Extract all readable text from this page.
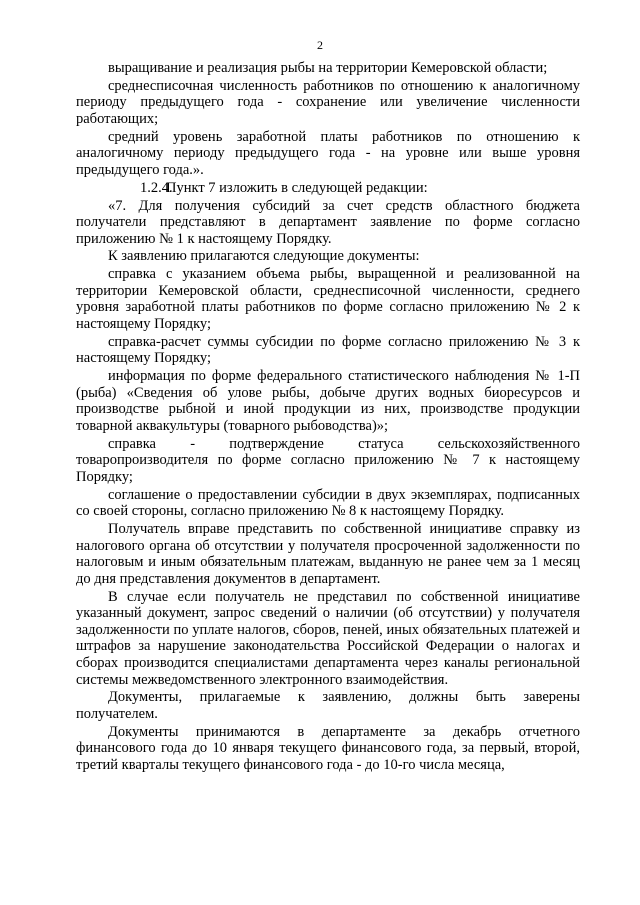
2

выращивание и реализация рыбы на территории Кемеровской области;

среднесписочная численность работников по отношению к аналогичному периоду предыдущего года - сохранение или увеличение численности работающих;

средний уровень заработной платы работников по отношению к аналогичному периоду предыдущего года - на уровне или выше уровня предыдущего года.».

1.2.4.Пункт 7 изложить в следующей редакции:

«7. Для получения субсидий за счет средств областного бюджета получатели представляют в департамент заявление по форме согласно приложению № 1 к настоящему Порядку.

К заявлению прилагаются следующие документы:

справка с указанием объема рыбы, выращенной и реализованной на территории Кемеровской области, среднесписочной численности, среднего уровня заработной платы работников по форме согласно приложению № 2 к настоящему Порядку;

справка-расчет суммы субсидии по форме согласно приложению № 3 к настоящему Порядку;

информация по форме федерального статистического наблюдения № 1-П (рыба) «Сведения об улове рыбы, добыче других водных биоресурсов и производстве рыбной и иной продукции из них, производстве продукции товарной аквакультуры (товарного рыбоводства)»;

справка - подтверждение статуса сельскохозяйственного товаропроизводителя по форме согласно приложению № 7 к настоящему Порядку;

соглашение о предоставлении субсидии в двух экземплярах, подписанных со своей стороны, согласно приложению № 8 к настоящему Порядку.

Получатель вправе представить по собственной инициативе справку из налогового органа об отсутствии у получателя просроченной задолженности по налоговым и иным обязательным платежам, выданную не ранее чем за 1 месяц до дня представления документов в департамент.

В случае если получатель не представил по собственной инициативе указанный документ, запрос сведений о наличии (об отсутствии) у получателя задолженности по уплате налогов, сборов, пеней, иных обязательных платежей и штрафов за нарушение законодательства Российской Федерации о налогах и сборах производится специалистами департамента через каналы региональной системы межведомственного электронного взаимодействия.

Документы, прилагаемые к заявлению, должны быть заверены получателем.

Документы принимаются в департаменте за декабрь отчетного финансового года до 10 января текущего финансового года, за первый, второй, третий кварталы текущего финансового года - до 10-го числа месяца,
